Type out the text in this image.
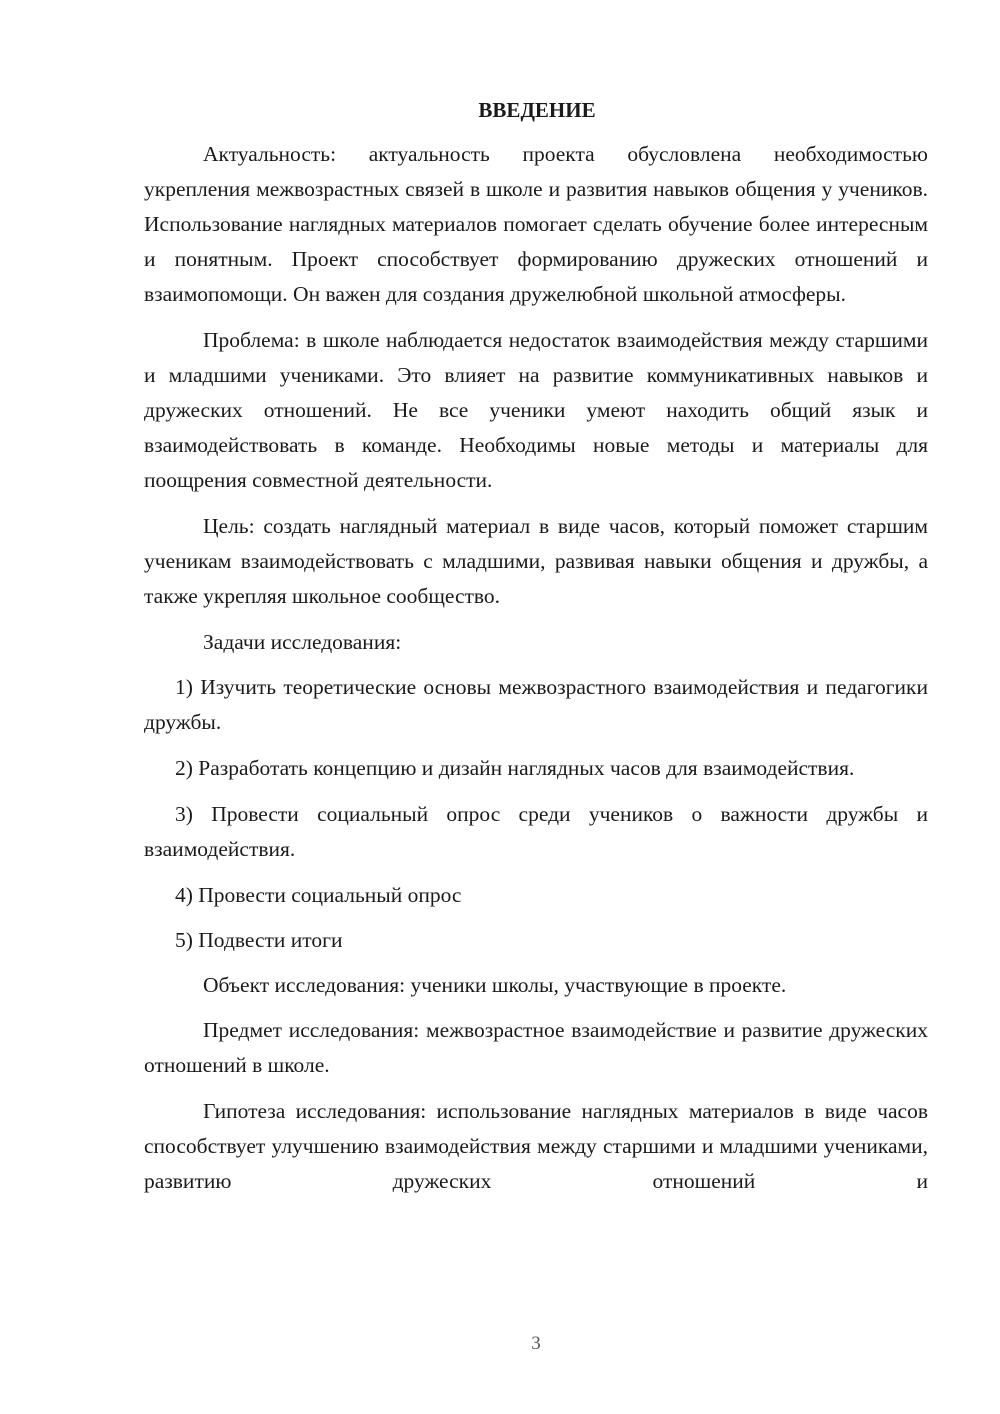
ВВЕДЕНИЕ

Актуальность: актуальность проекта обусловлена необходимостью укрепления межвозрастных связей в школе и развития навыков общения у учеников. Использование наглядных материалов помогает сделать обучение более интересным и понятным. Проект способствует формированию дружеских отношений и взаимопомощи. Он важен для создания дружелюбной школьной атмосферы.

Проблема: в школе наблюдается недостаток взаимодействия между старшими и младшими учениками. Это влияет на развитие коммуникативных навыков и дружеских отношений. Не все ученики умеют находить общий язык и взаимодействовать в команде. Необходимы новые методы и материалы для поощрения совместной деятельности.

Цель: создать наглядный материал в виде часов, который поможет старшим ученикам взаимодействовать с младшими, развивая навыки общения и дружбы, а также укрепляя школьное сообщество.

Задачи исследования:

1) Изучить теоретические основы межвозрастного взаимодействия и педагогики дружбы.

2) Разработать концепцию и дизайн наглядных часов для взаимодействия.

3) Провести социальный опрос среди учеников о важности дружбы и взаимодействия.

4) Провести социальный опрос

5) Подвести итоги

Объект исследования: ученики школы, участвующие в проекте.

Предмет исследования: межвозрастное взаимодействие и развитие дружеских отношений в школе.

Гипотеза исследования: использование наглядных материалов в виде часов способствует улучшению взаимодействия между старшими и младшими учениками, развитию дружеских отношений и

3
